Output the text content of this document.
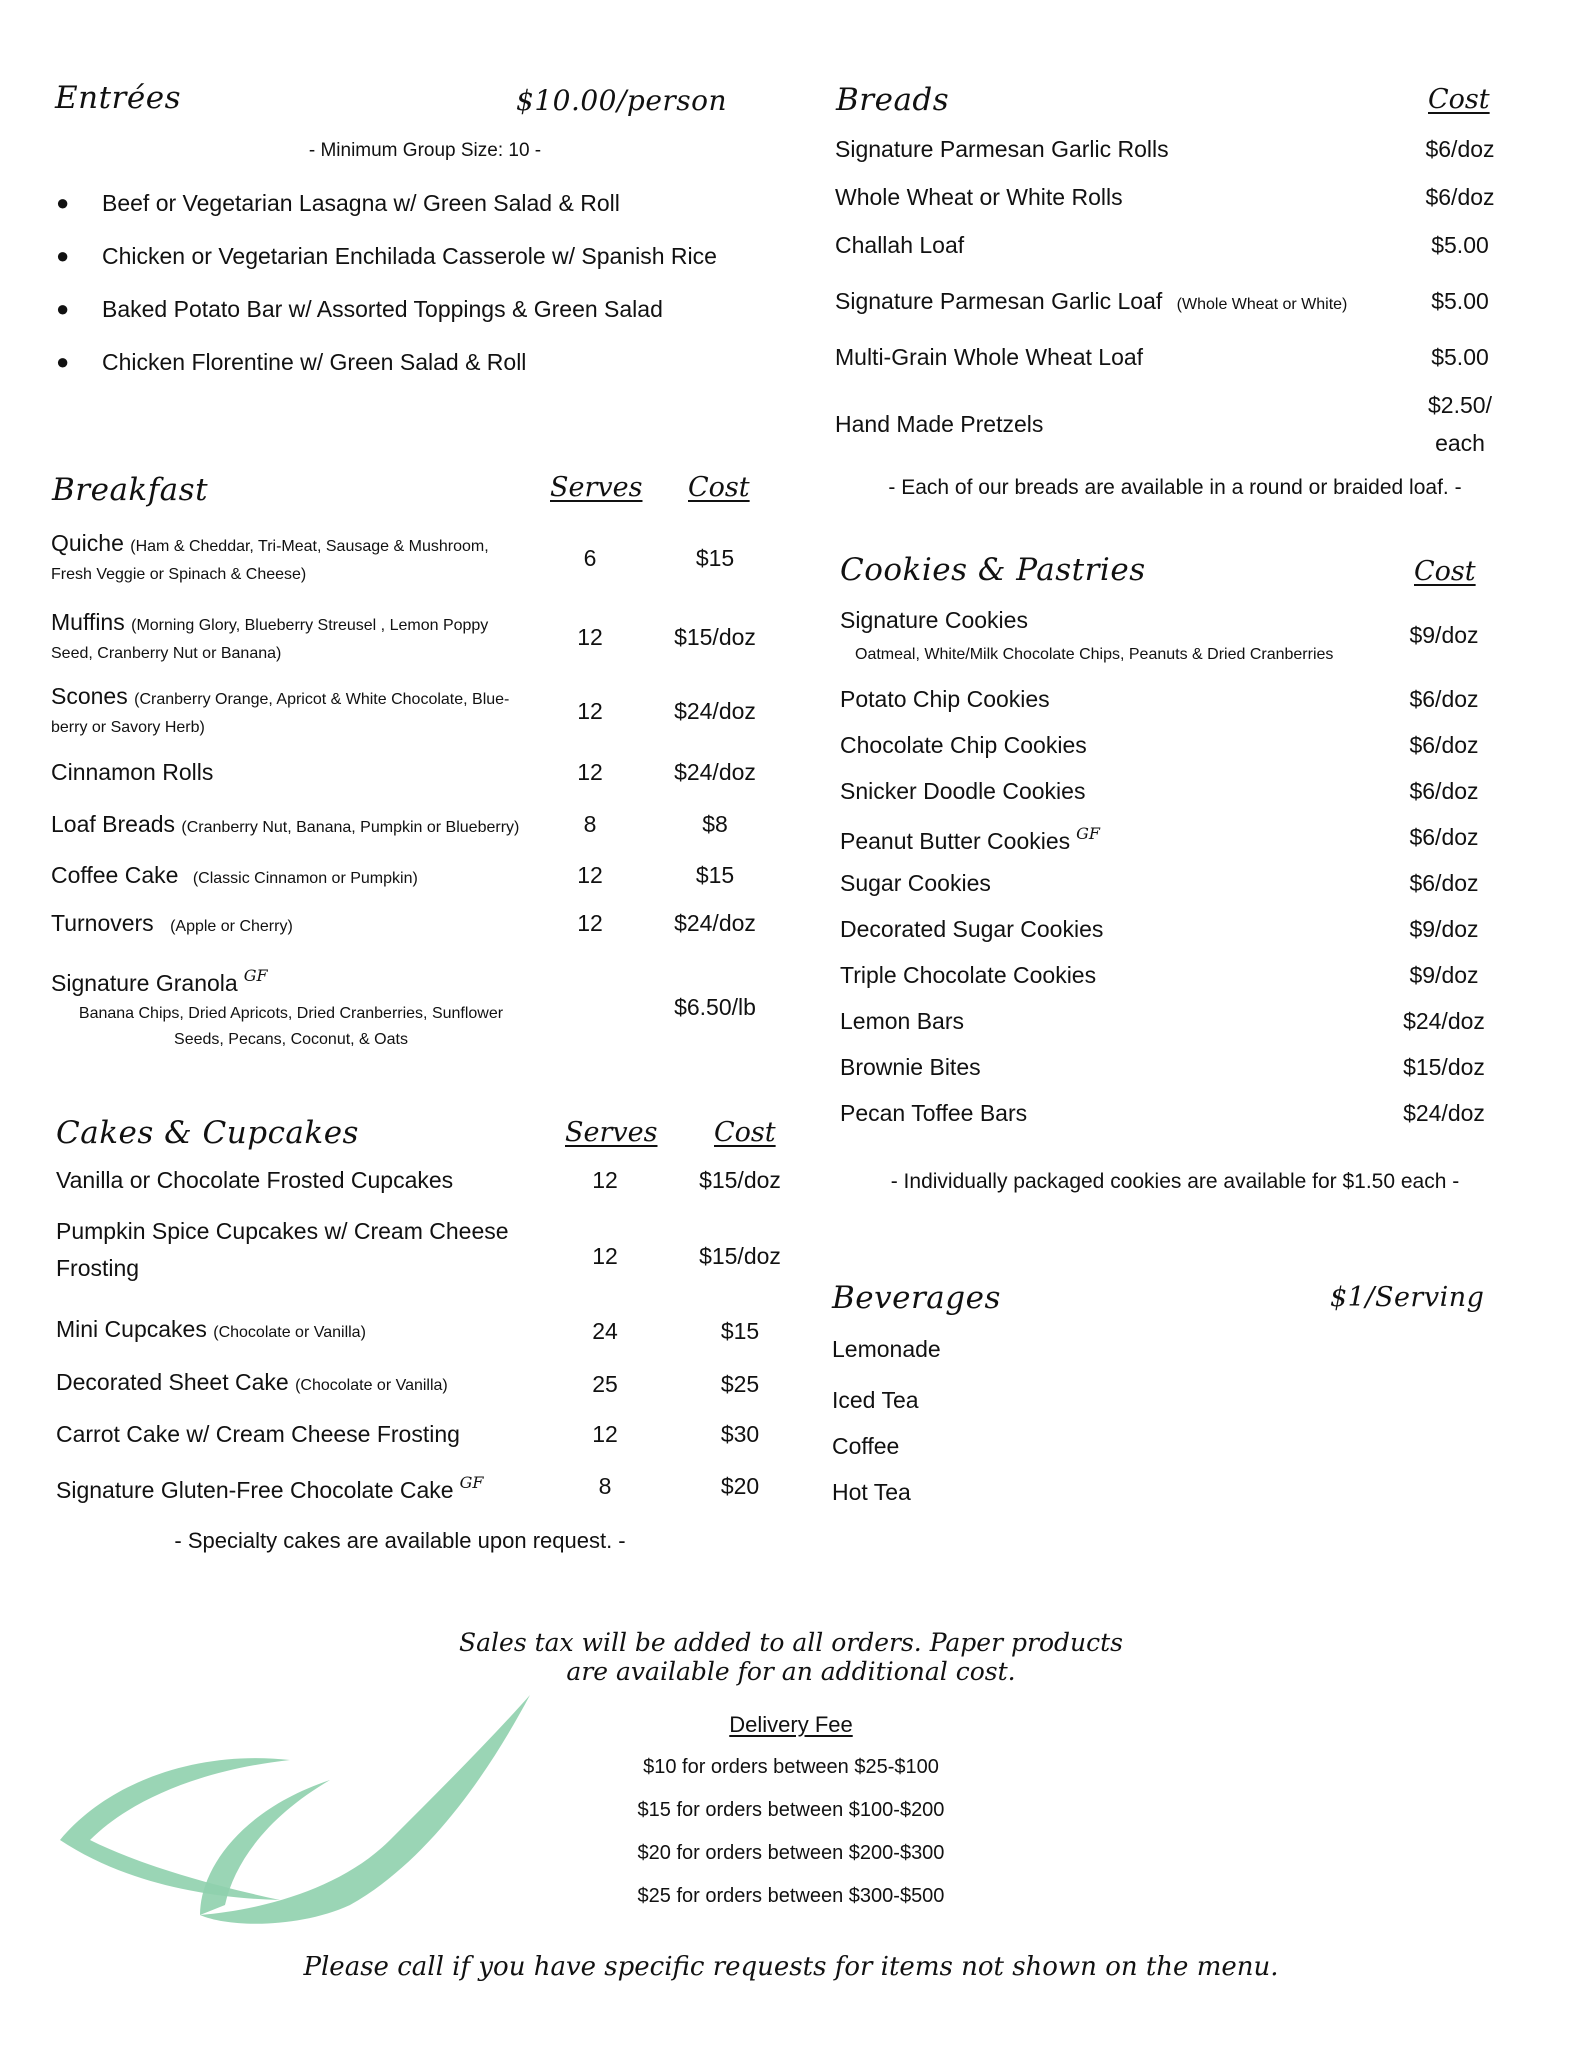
Entrées	$10.00/person
- Minimum Group Size: 10 -
● Beef or Vegetarian Lasagna w/ Green Salad & Roll
● Chicken or Vegetarian Enchilada Casserole w/ Spanish Rice
● Baked Potato Bar w/ Assorted Toppings & Green Salad
● Chicken Florentine w/ Green Salad & Roll
Breakfast	Serves Cost
Quiche (Ham & Cheddar, Tri-Meat, Sausage & Mushroom,
Fresh Veggie or Spinach & Cheese)
6	$15
Muffins (Morning Glory, Blueberry Streusel , Lemon Poppy
Seed, Cranberry Nut or Banana)
12	$15/doz
Scones (Cranberry Orange, Apricot & White Chocolate, Blue-
berry or Savory Herb)
12	$24/doz
Cinnamon Rolls	12	$24/doz
Loaf Breads (Cranberry Nut, Banana, Pumpkin or Blueberry)	8	$8
Coffee Cake (Classic Cinnamon or Pumpkin)	12	$15
Turnovers (Apple or Cherry)	12	$24/doz
Signature Granola $^{GF}$
Banana Chips, Dried Apricots, Dried Cranberries, Sunflower
Seeds, Pecans, Coconut, & Oats
$6.50/lb
Cakes & Cupcakes	Serves Cost
Vanilla or Chocolate Frosted Cupcakes	12	$15/doz
Pumpkin Spice Cupcakes w/ Cream Cheese
Frosting	12	$15/doz
Mini Cupcakes (Chocolate or Vanilla)	24	$15
Decorated Sheet Cake (Chocolate or Vanilla)	25	$25
Carrot Cake w/ Cream Cheese Frosting	12	$30
Signature Gluten-Free Chocolate Cake $^{GF}$	8	$20
- Specialty cakes are available upon request. -
Breads	Cost
Signature Parmesan Garlic Rolls	$6/doz
Whole Wheat or White Rolls	$6/doz
Challah Loaf	$5.00
Signature Parmesan Garlic Loaf (Whole Wheat or White)	$5.00
Multi-Grain Whole Wheat Loaf	$5.00
Hand Made Pretzels
$2.50/
each
- Each of our breads are available in a round or braided loaf. -
Cookies & Pastries	Cost
Signature Cookies
Oatmeal, White/Milk Chocolate Chips, Peanuts & Dried Cranberries
$9/doz
Potato Chip Cookies	$6/doz
Chocolate Chip Cookies	$6/doz
Snicker Doodle Cookies	$6/doz
Peanut Butter Cookies $^{GF}$	$6/doz
Sugar Cookies	$6/doz
Decorated Sugar Cookies	$9/doz
Triple Chocolate Cookies	$9/doz
Lemon Bars	$24/doz
Brownie Bites	$15/doz
Pecan Toffee Bars	$24/doz
- Individually packaged cookies are available for $1.50 each -
Beverages	$1/Serving
Lemonade
Iced Tea
Coffee
Hot Tea
Sales tax will be added to all orders. Paper products
are available for an additional cost.
Delivery Fee
$10 for orders between $25-$100
$15 for orders between $100-$200
$20 for orders between $200-$300
$25 for orders between $300-$500
Please call if you have specific requests for items not shown on the menu.
